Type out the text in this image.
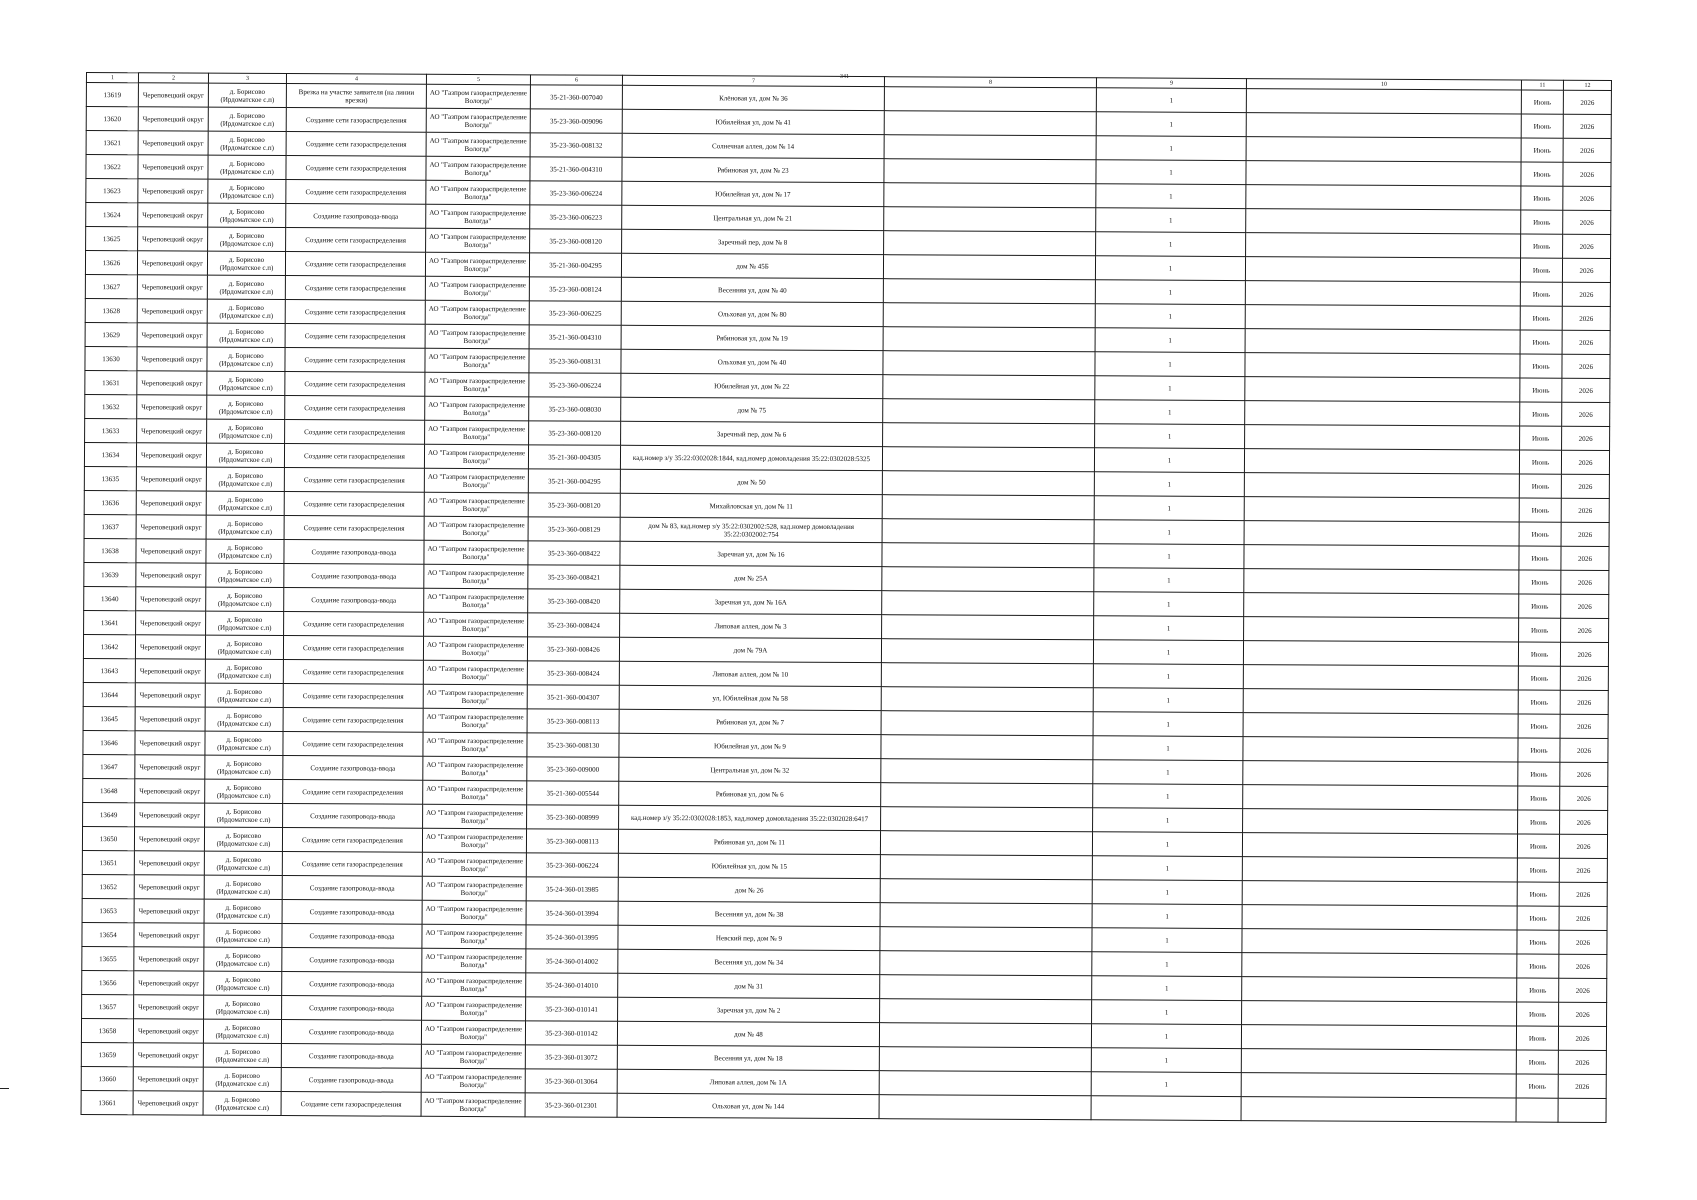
341
1	2	3	4	5	6	7	8	9	10	11	12
13619	Череповецкий округ	д. Борисово (Ирдоматское с.п)	Врезка на участке заявителя (на линии врезки)	АО "Газпром газораспределение Вологда"	35-21-360-007040	Клёновая ул, дом № 36		1		Июнь	2026
13620	Череповецкий округ	д. Борисово (Ирдоматское с.п)	Создание сети газораспределения	АО "Газпром газораспределение Вологда"	35-23-360-009096	Юбилейная ул, дом № 41		1		Июнь	2026
13621	Череповецкий округ	д. Борисово (Ирдоматское с.п)	Создание сети газораспределения	АО "Газпром газораспределение Вологда"	35-23-360-008132	Солнечная аллея, дом № 14		1		Июнь	2026
13622	Череповецкий округ	д. Борисово (Ирдоматское с.п)	Создание сети газораспределения	АО "Газпром газораспределение Вологда"	35-21-360-004310	Рябиновая ул, дом № 23		1		Июнь	2026
13623	Череповецкий округ	д. Борисово (Ирдоматское с.п)	Создание сети газораспределения	АО "Газпром газораспределение Вологда"	35-23-360-006224	Юбилейная ул, дом № 17		1		Июнь	2026
13624	Череповецкий округ	д. Борисово (Ирдоматское с.п)	Создание газопровода-ввода	АО "Газпром газораспределение Вологда"	35-23-360-006223	Центральная ул, дом № 21		1		Июнь	2026
13625	Череповецкий округ	д. Борисово (Ирдоматское с.п)	Создание сети газораспределения	АО "Газпром газораспределение Вологда"	35-23-360-008120	Заречный пер, дом № 8		1		Июнь	2026
13626	Череповецкий округ	д. Борисово (Ирдоматское с.п)	Создание сети газораспределения	АО "Газпром газораспределение Вологда"	35-21-360-004295	дом № 45Б		1		Июнь	2026
13627	Череповецкий округ	д. Борисово (Ирдоматское с.п)	Создание сети газораспределения	АО "Газпром газораспределение Вологда"	35-23-360-008124	Весенняя ул, дом № 40		1		Июнь	2026
13628	Череповецкий округ	д. Борисово (Ирдоматское с.п)	Создание сети газораспределения	АО "Газпром газораспределение Вологда"	35-23-360-006225	Ольховая ул, дом № 80		1		Июнь	2026
13629	Череповецкий округ	д. Борисово (Ирдоматское с.п)	Создание сети газораспределения	АО "Газпром газораспределение Вологда"	35-21-360-004310	Рябиновая ул, дом № 19		1		Июнь	2026
13630	Череповецкий округ	д. Борисово (Ирдоматское с.п)	Создание сети газораспределения	АО "Газпром газораспределение Вологда"	35-23-360-008131	Ольховая ул, дом № 40		1		Июнь	2026
13631	Череповецкий округ	д. Борисово (Ирдоматское с.п)	Создание сети газораспределения	АО "Газпром газораспределение Вологда"	35-23-360-006224	Юбилейная ул, дом № 22		1		Июнь	2026
13632	Череповецкий округ	д. Борисово (Ирдоматское с.п)	Создание сети газораспределения	АО "Газпром газораспределение Вологда"	35-23-360-008030	дом № 75		1		Июнь	2026
13633	Череповецкий округ	д. Борисово (Ирдоматское с.п)	Создание сети газораспределения	АО "Газпром газораспределение Вологда"	35-23-360-008120	Заречный пер, дом № 6		1		Июнь	2026
13634	Череповецкий округ	д. Борисово (Ирдоматское с.п)	Создание сети газораспределения	АО "Газпром газораспределение Вологда"	35-21-360-004305	кад.номер з/у 35:22:0302028:1844, кад.номер домовладения 35:22:0302028:5325		1		Июнь	2026
13635	Череповецкий округ	д. Борисово (Ирдоматское с.п)	Создание сети газораспределения	АО "Газпром газораспределение Вологда"	35-21-360-004295	дом № 50		1		Июнь	2026
13636	Череповецкий округ	д. Борисово (Ирдоматское с.п)	Создание сети газораспределения	АО "Газпром газораспределение Вологда"	35-23-360-008120	Михайловская ул, дом № 11		1		Июнь	2026
13637	Череповецкий округ	д. Борисово (Ирдоматское с.п)	Создание сети газораспределения	АО "Газпром газораспределение Вологда"	35-23-360-008129	дом № 83, кад.номер з/у 35:22:0302002:528, кад.номер домовладения 35:22:0302002:754		1		Июнь	2026
13638	Череповецкий округ	д. Борисово (Ирдоматское с.п)	Создание газопровода-ввода	АО "Газпром газораспределение Вологда"	35-23-360-008422	Заречная ул, дом № 16		1		Июнь	2026
13639	Череповецкий округ	д. Борисово (Ирдоматское с.п)	Создание газопровода-ввода	АО "Газпром газораспределение Вологда"	35-23-360-008421	дом № 25А		1		Июнь	2026
13640	Череповецкий округ	д. Борисово (Ирдоматское с.п)	Создание газопровода-ввода	АО "Газпром газораспределение Вологда"	35-23-360-008420	Заречная ул, дом № 16А		1		Июнь	2026
13641	Череповецкий округ	д. Борисово (Ирдоматское с.п)	Создание сети газораспределения	АО "Газпром газораспределение Вологда"	35-23-360-008424	Липовая аллея, дом № 3		1		Июнь	2026
13642	Череповецкий округ	д. Борисово (Ирдоматское с.п)	Создание сети газораспределения	АО "Газпром газораспределение Вологда"	35-23-360-008426	дом № 79А		1		Июнь	2026
13643	Череповецкий округ	д. Борисово (Ирдоматское с.п)	Создание сети газораспределения	АО "Газпром газораспределение Вологда"	35-23-360-008424	Липовая аллея, дом № 10		1		Июнь	2026
13644	Череповецкий округ	д. Борисово (Ирдоматское с.п)	Создание сети газораспределения	АО "Газпром газораспределение Вологда"	35-21-360-004307	ул, Юбилейная дом № 58		1		Июнь	2026
13645	Череповецкий округ	д. Борисово (Ирдоматское с.п)	Создание сети газораспределения	АО "Газпром газораспределение Вологда"	35-23-360-008113	Рябиновая ул, дом № 7		1		Июнь	2026
13646	Череповецкий округ	д. Борисово (Ирдоматское с.п)	Создание сети газораспределения	АО "Газпром газораспределение Вологда"	35-23-360-008130	Юбилейная ул, дом № 9		1		Июнь	2026
13647	Череповецкий округ	д. Борисово (Ирдоматское с.п)	Создание газопровода-ввода	АО "Газпром газораспределение Вологда"	35-23-360-009000	Центральная ул, дом № 32		1		Июнь	2026
13648	Череповецкий округ	д. Борисово (Ирдоматское с.п)	Создание сети газораспределения	АО "Газпром газораспределение Вологда"	35-21-360-005544	Рябиновая ул, дом № 6		1		Июнь	2026
13649	Череповецкий округ	д. Борисово (Ирдоматское с.п)	Создание газопровода-ввода	АО "Газпром газораспределение Вологда"	35-23-360-008999	кад.номер з/у 35:22:0302028:1853, кад.номер домовладения 35:22:0302028:6417		1		Июнь	2026
13650	Череповецкий округ	д. Борисово (Ирдоматское с.п)	Создание сети газораспределения	АО "Газпром газораспределение Вологда"	35-23-360-008113	Рябиновая ул, дом № 11		1		Июнь	2026
13651	Череповецкий округ	д. Борисово (Ирдоматское с.п)	Создание сети газораспределения	АО "Газпром газораспределение Вологда"	35-23-360-006224	Юбилейная ул, дом № 15		1		Июнь	2026
13652	Череповецкий округ	д. Борисово (Ирдоматское с.п)	Создание газопровода-ввода	АО "Газпром газораспределение Вологда"	35-24-360-013985	дом № 26		1		Июнь	2026
13653	Череповецкий округ	д. Борисово (Ирдоматское с.п)	Создание газопровода-ввода	АО "Газпром газораспределение Вологда"	35-24-360-013994	Весенняя ул, дом № 38		1		Июнь	2026
13654	Череповецкий округ	д. Борисово (Ирдоматское с.п)	Создание газопровода-ввода	АО "Газпром газораспределение Вологда"	35-24-360-013995	Невский пер, дом № 9		1		Июнь	2026
13655	Череповецкий округ	д. Борисово (Ирдоматское с.п)	Создание газопровода-ввода	АО "Газпром газораспределение Вологда"	35-24-360-014002	Весенняя ул, дом № 34		1		Июнь	2026
13656	Череповецкий округ	д. Борисово (Ирдоматское с.п)	Создание газопровода-ввода	АО "Газпром газораспределение Вологда"	35-24-360-014010	дом № 31		1		Июнь	2026
13657	Череповецкий округ	д. Борисово (Ирдоматское с.п)	Создание газопровода-ввода	АО "Газпром газораспределение Вологда"	35-23-360-010141	Заречная ул, дом № 2		1		Июнь	2026
13658	Череповецкий округ	д. Борисово (Ирдоматское с.п)	Создание газопровода-ввода	АО "Газпром газораспределение Вологда"	35-23-360-010142	дом № 48		1		Июнь	2026
13659	Череповецкий округ	д. Борисово (Ирдоматское с.п)	Создание газопровода-ввода	АО "Газпром газораспределение Вологда"	35-23-360-013072	Весенняя ул, дом № 18		1		Июнь	2026
13660	Череповецкий округ	д. Борисово (Ирдоматское с.п)	Создание газопровода-ввода	АО "Газпром газораспределение Вологда"	35-23-360-013064	Липовая аллея, дом № 1А		1		Июнь	2026
13661	Череповецкий округ	д. Борисово (Ирдоматское с.п)	Создание сети газораспределения	АО "Газпром газораспределение Вологда"	35-23-360-012301	Ольховая ул, дом № 144					
